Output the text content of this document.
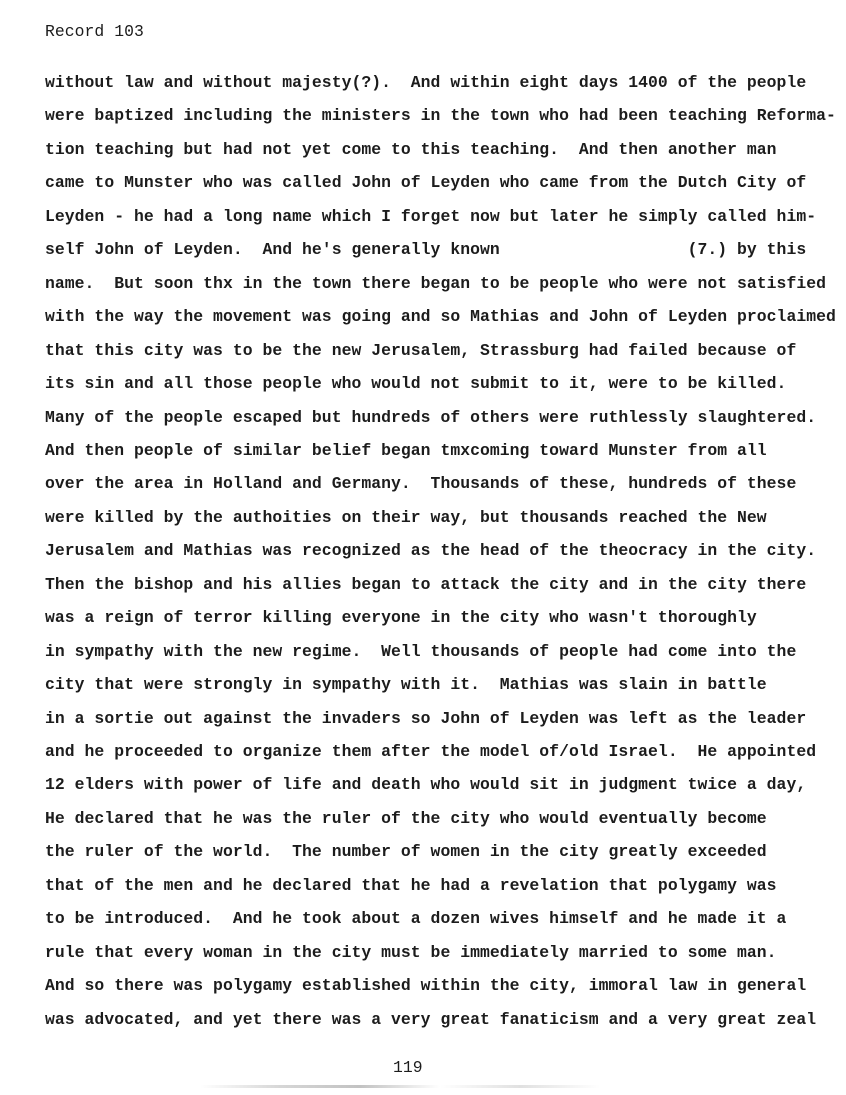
Record 103
without law and without majesty(?).  And within eight days 1400 of the people
were baptized including the ministers in the town who had been teaching Reforma-
tion teaching but had not yet come to this teaching.  And then another man
came to Munster who was called John of Leyden who came from the Dutch City of
Leyden - he had a long name which I forget now but later he simply called him-
self John of Leyden.  And he's generally known                   (7.) by this
name.  But soon thx in the town there began to be people who were not satisfied
with the way the movement was going and so Mathias and John of Leyden proclaimed
that this city was to be the new Jerusalem, Strassburg had failed because of
its sin and all those people who would not submit to it, were to be killed.
Many of the people escaped but hundreds of others were ruthlessly slaughtered.
And then people of similar belief began tmxcoming toward Munster from all
over the area in Holland and Germany.  Thousands of these, hundreds of these
were killed by the authoities on their way, but thousands reached the New
Jerusalem and Mathias was recognized as the head of the theocracy in the city.
Then the bishop and his allies began to attack the city and in the city there
was a reign of terror killing everyone in the city who wasn't thoroughly
in sympathy with the new regime.  Well thousands of people had come into the
city that were strongly in sympathy with it.  Mathias was slain in battle
in a sortie out against the invaders so John of Leyden was left as the leader
and he proceeded to organize them after the model of/old Israel.  He appointed
12 elders with power of life and death who would sit in judgment twice a day,
He declared that he was the ruler of the city who would eventually become
the ruler of the world.  The number of women in the city greatly exceeded
that of the men and he declared that he had a revelation that polygamy was
to be introduced.  And he took about a dozen wives himself and he made it a
rule that every woman in the city must be immediately married to some man.
And so there was polygamy established within the city, immoral law in general
was advocated, and yet there was a very great fanaticism and a very great zeal
119
